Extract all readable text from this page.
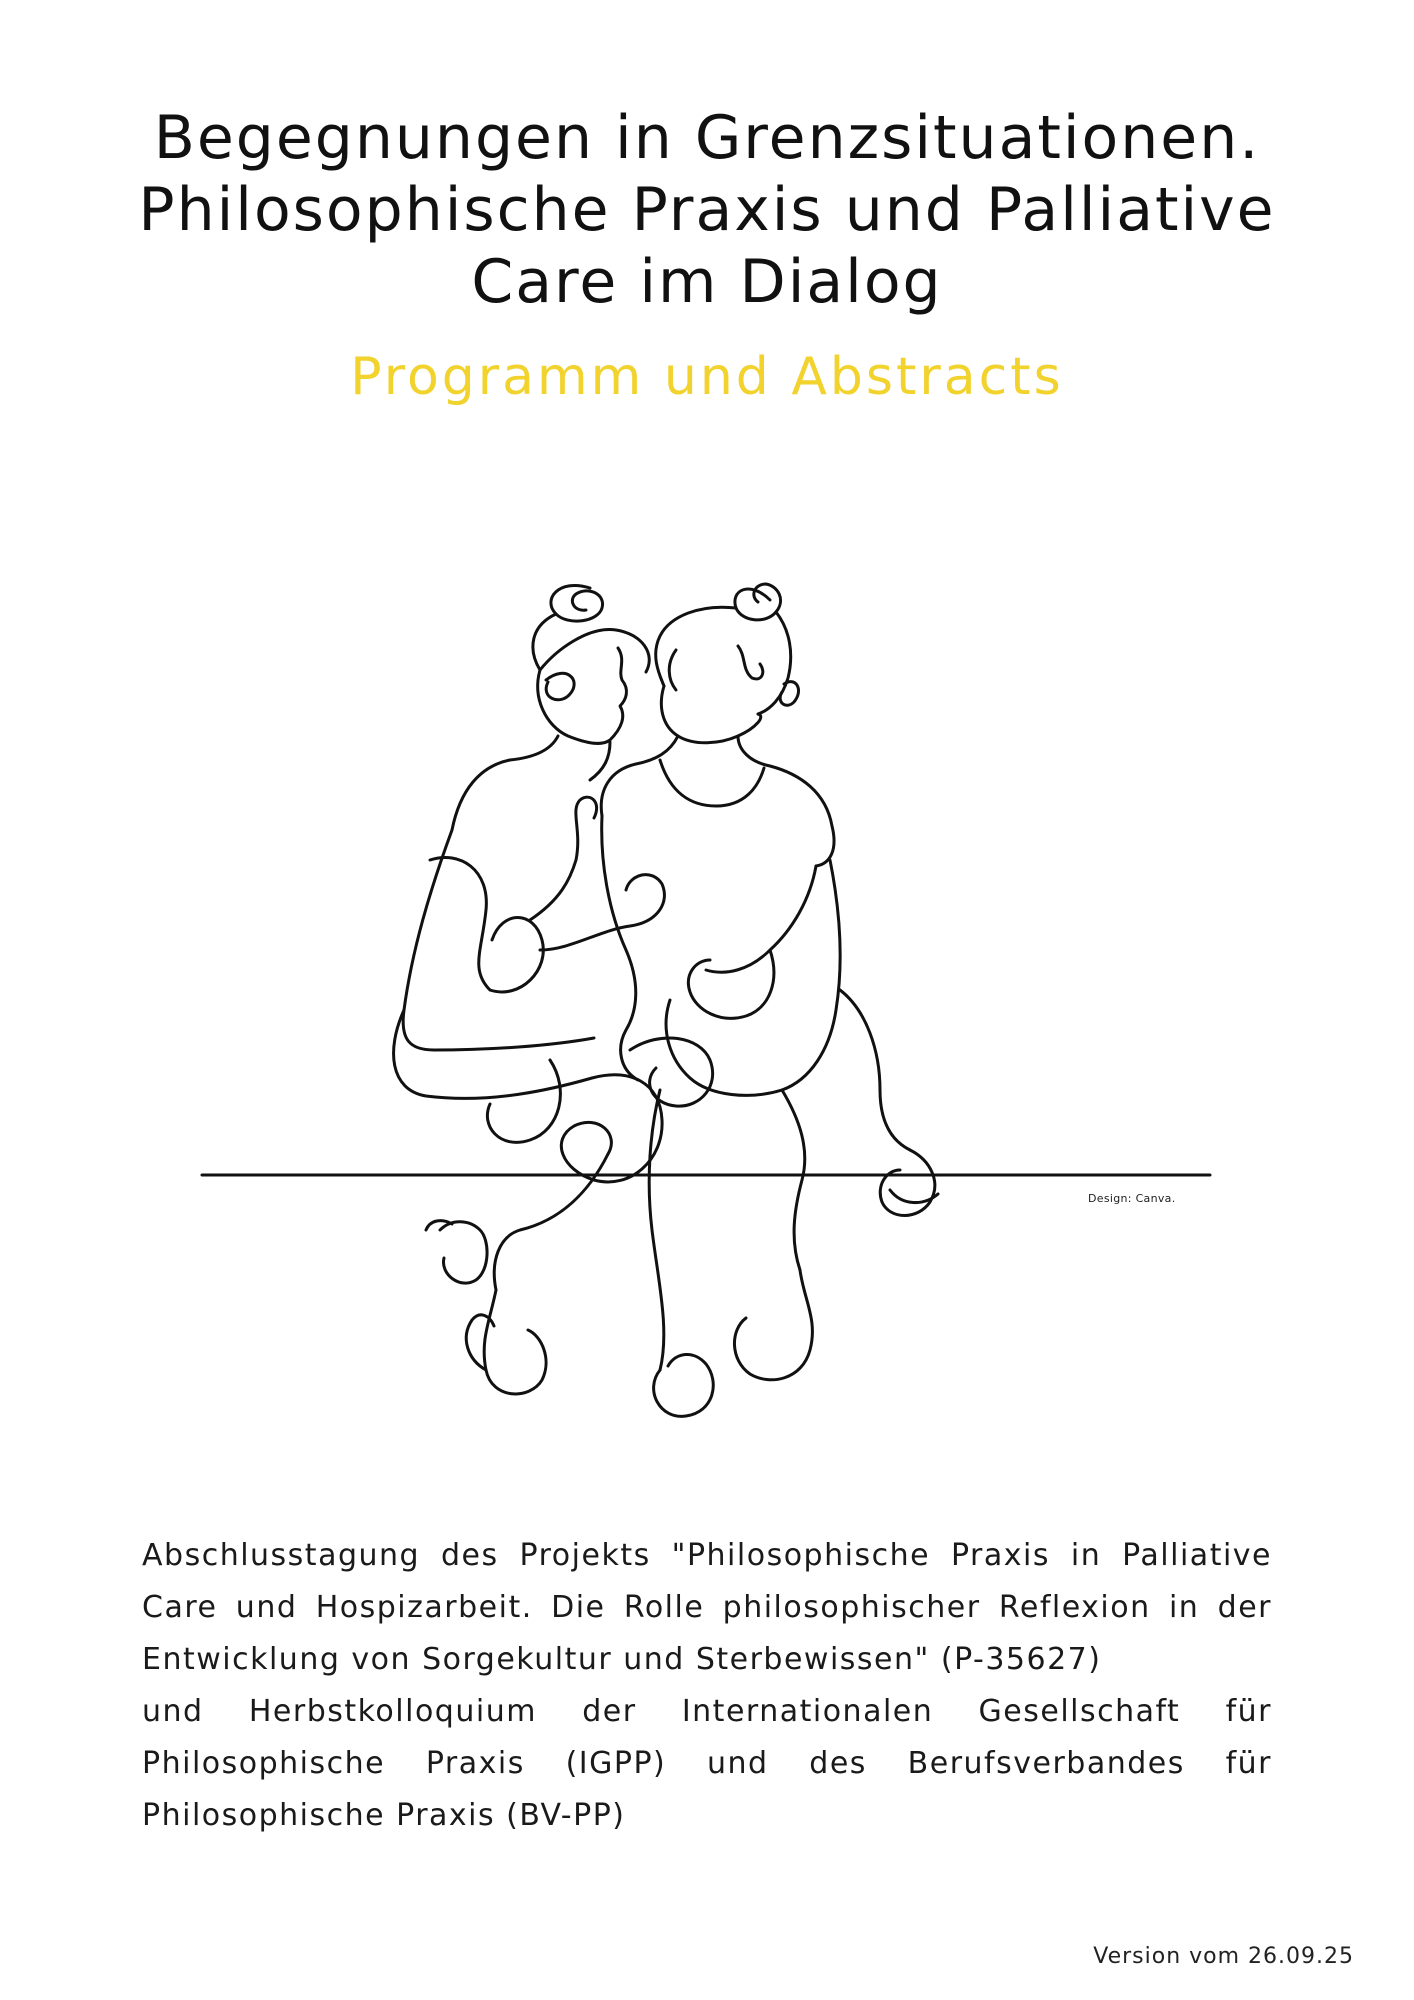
Begegnungen in Grenzsituationen.
Philosophische Praxis und Palliative
Care im Dialog
Programm und Abstracts
Design: Canva.
Abschlusstagung des Projekts "Philosophische Praxis in Palliative Care und Hospizarbeit. Die Rolle philosophischer Reflexion in der Entwicklung von Sorgekultur und Sterbewissen" (P-35627)
und Herbstkolloquium der Internationalen Gesellschaft für Philosophische Praxis (IGPP) und des Berufsverbandes für Philosophische Praxis (BV-PP)
Version vom 26.09.25
